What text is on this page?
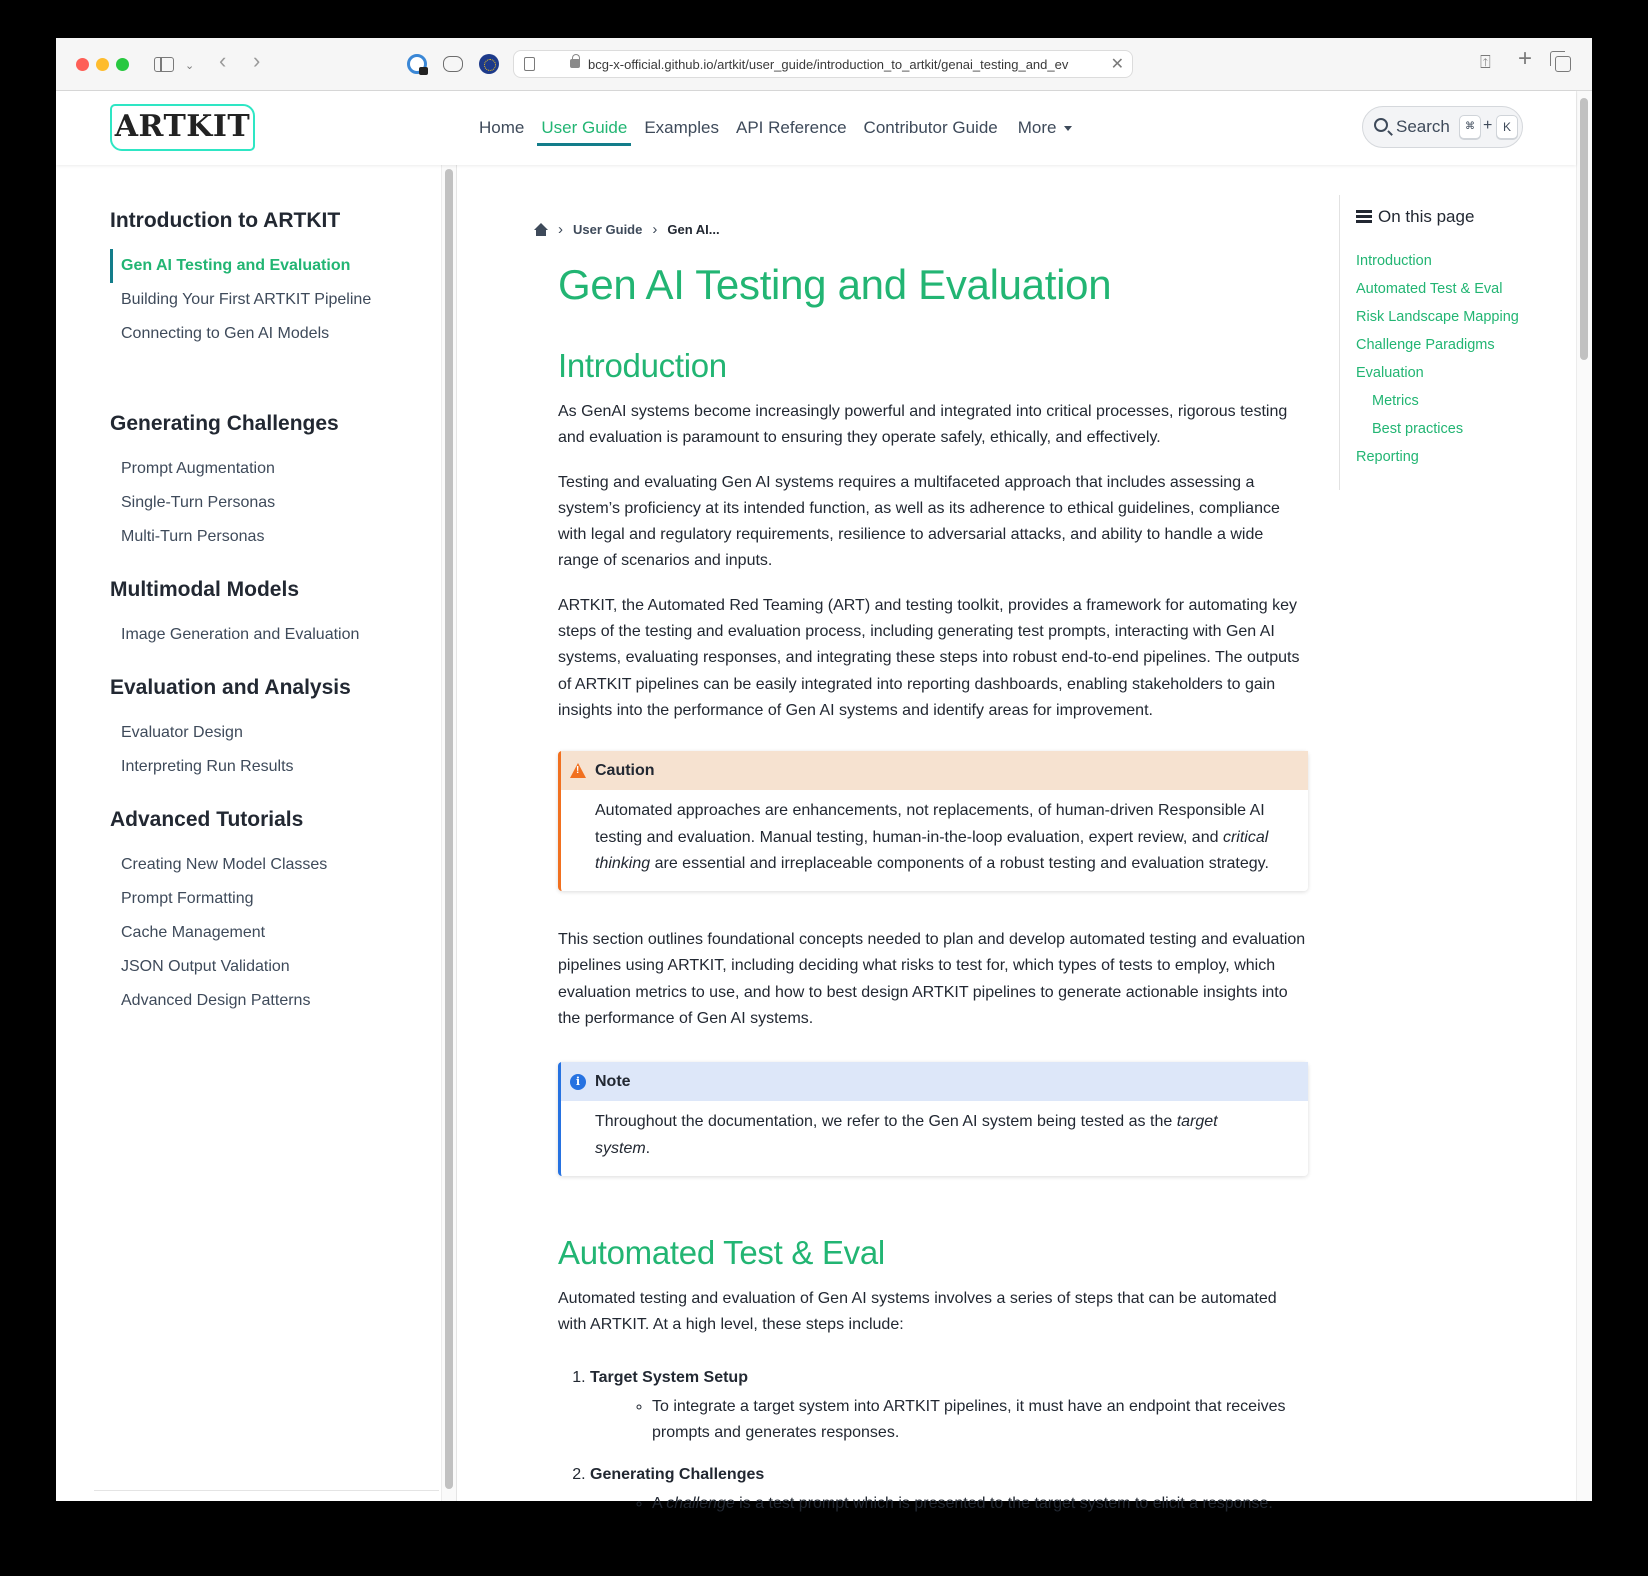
⌄ ‹ ›	bcg-x-official.github.io/artkit/user_guide/introduction_to_artkit/genai_testing_and_ev	✕	⍐ +
ARTKIT	Home User Guide Examples API Reference Contributor Guide More	Search	⌘ + K
Introduction to ARTKIT
Gen AI Testing and Evaluation
Building Your First ARTKIT Pipeline
Connecting to Gen AI Models
Generating Challenges
Prompt Augmentation
Single-Turn Personas
Multi-Turn Personas
Multimodal Models
Image Generation and Evaluation
Evaluation and Analysis
Evaluator Design
Interpreting Run Results
Advanced Tutorials
Creating New Model Classes
Prompt Formatting
Cache Management
JSON Output Validation
Advanced Design Patterns
› User Guide › Gen AI...
Gen AI Testing and Evaluation
Introduction

As GenAI systems become increasingly powerful and integrated into critical processes, rigorous testing and evaluation is paramount to ensuring they operate safely, ethically, and effectively.

Testing and evaluating Gen AI systems requires a multifaceted approach that includes assessing a system’s proficiency at its intended function, as well as its adherence to ethical guidelines, compliance with legal and regulatory requirements, resilience to adversarial attacks, and ability to handle a wide range of scenarios and inputs.

ARTKIT, the Automated Red Teaming (ART) and testing toolkit, provides a framework for automating key steps of the testing and evaluation process, including generating test prompts, interacting with Gen AI systems, evaluating responses, and integrating these steps into robust end-to-end pipelines. The outputs of ARTKIT pipelines can be easily integrated into reporting dashboards, enabling stakeholders to gain insights into the performance of Gen AI systems and identify areas for improvement.

!
Caution
Automated approaches are enhancements, not replacements, of human-driven Responsible AI testing and evaluation. Manual testing, human-in-the-loop evaluation, expert review, and critical thinking are essential and irreplaceable components of a robust testing and evaluation strategy.

This section outlines foundational concepts needed to plan and develop automated testing and evaluation pipelines using ARTKIT, including deciding what risks to test for, which types of tests to employ, which evaluation metrics to use, and how to best design ARTKIT pipelines to generate actionable insights into the performance of Gen AI systems.

i Note
Throughout the documentation, we refer to the Gen AI system being tested as the target system.
Automated Test & Eval

Automated testing and evaluation of Gen AI systems involves a series of steps that can be automated with ARTKIT. At a high level, these steps include:

1. Target System Setup
◦ To integrate a target system into ARTKIT pipelines, it must have an endpoint that receives prompts and generates responses.
2. Generating Challenges
◦ A challenge is a test prompt which is presented to the target system to elicit a response.
On this page
Introduction
Automated Test & Eval
Risk Landscape Mapping
Challenge Paradigms
Evaluation
Metrics
Best practices
Reporting
